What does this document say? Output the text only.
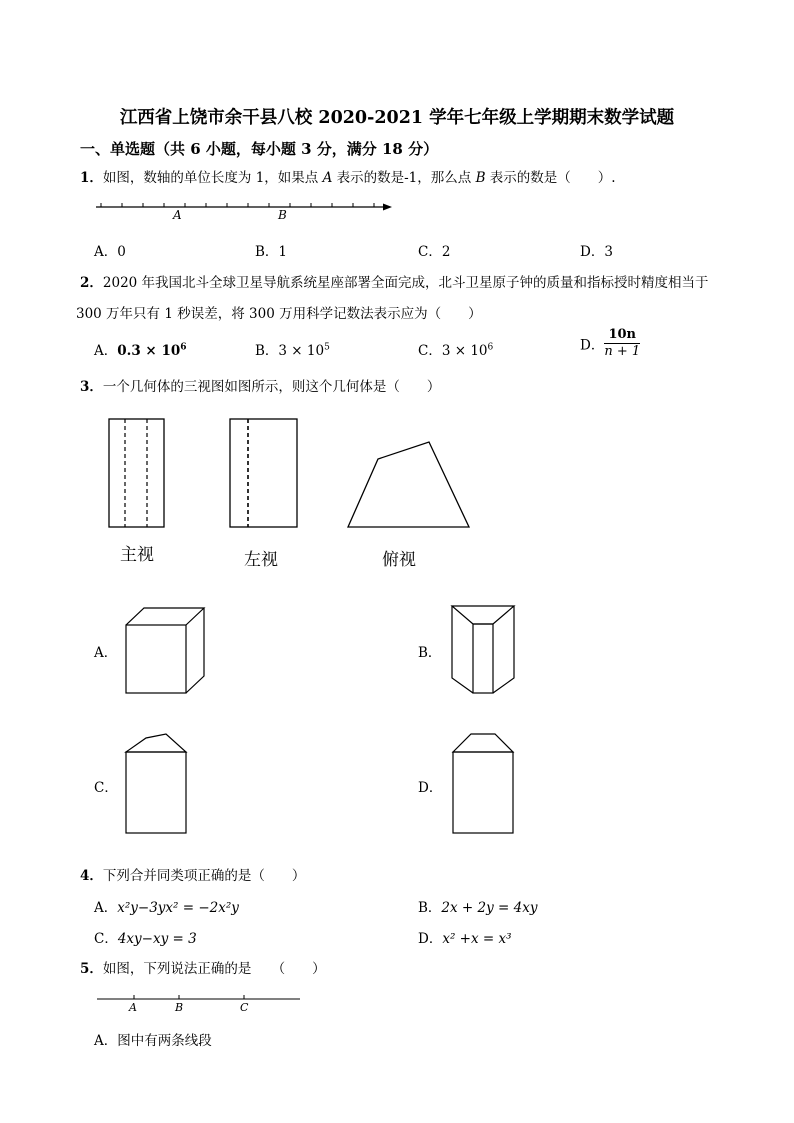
江西省上饶市余干县八校 2020-2021 学年七年级上学期期末数学试题
一、单选题（共 6 小题，每小题 3 分，满分 18 分）
1．如图，数轴的单位长度为 1，如果点 A 表示的数是-1，那么点 B 表示的数是（　　）.
A	B
A．0	B．1	C．2	D．3
2．2020 年我国北斗全球卫星导航系统星座部署全面完成，北斗卫星原子钟的质量和指标授时精度相当于
300 万年只有 1 秒误差，将 300 万用科学记数法表示应为（　　）
A．$0.3 \times 10^6$	B．$3 \times 10^5$	C．$3 \times 10^6$	D． $\frac{10n}{n + 1}$
3．一个几何体的三视图如图所示，则这个几何体是（　　）
主视	左视	俯视
A．	B．
C．	D．
4．下列合并同类项正确的是（　　）
A．x²y−3yx² = −2x²y	B．2x + 2y = 4xy
C．4xy−xy = 3	D．x² +x = x³
5．如图，下列说法正确的是　　（　　）
A	B	C
A．图中有两条线段
